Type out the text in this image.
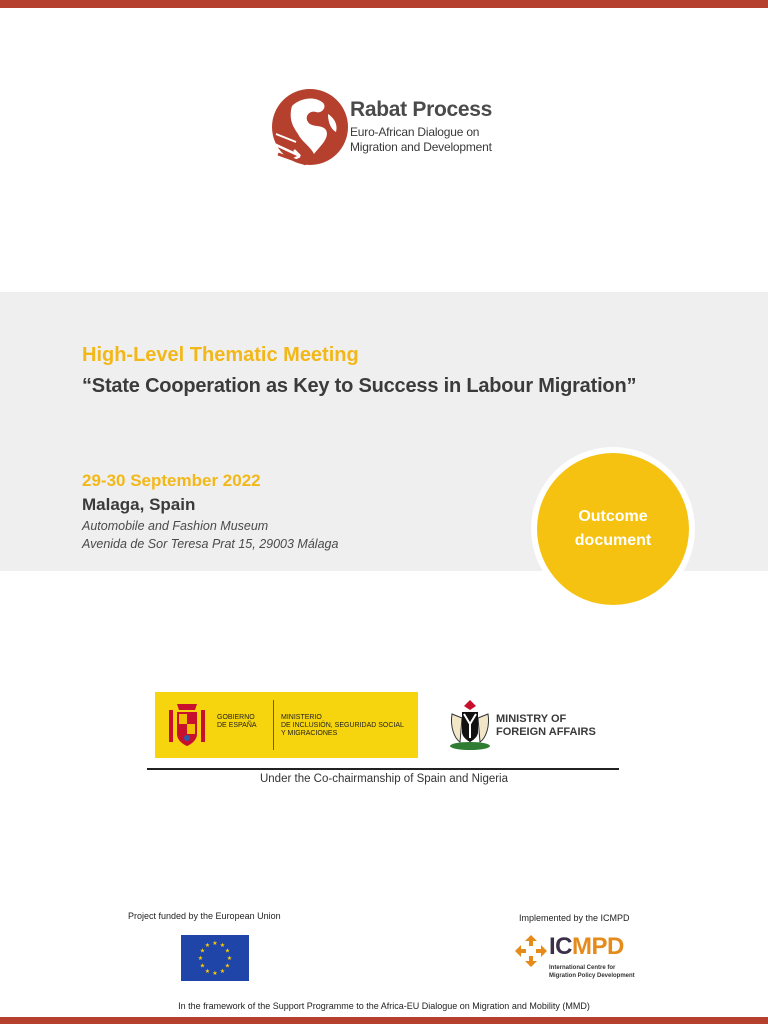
Rabat Process
Euro-African Dialogue on
Migration and Development
High-Level Thematic Meeting
“State Cooperation as Key to Success in Labour Migration”
29-30 September 2022
Malaga, Spain
Automobile and Fashion Museum
Avenida de Sor Teresa Prat 15, 29003 Málaga
Outcome
document
GOBIERNO
DE ESPAÑA
MINISTERIO
DE INCLUSIÓN, SEGURIDAD SOCIAL
Y MIGRACIONES
MINISTRY OF
FOREIGN AFFAIRS
Under the Co-chairmanship of Spain and Nigeria
Project funded by the European Union
★ ★
★
★
★
★
★
★
★
★
★
★
Implemented by the ICMPD
ICMPD
International Centre for
Migration Policy Development
In the framework of the Support Programme to the Africa-EU Dialogue on Migration and Mobility (MMD)
